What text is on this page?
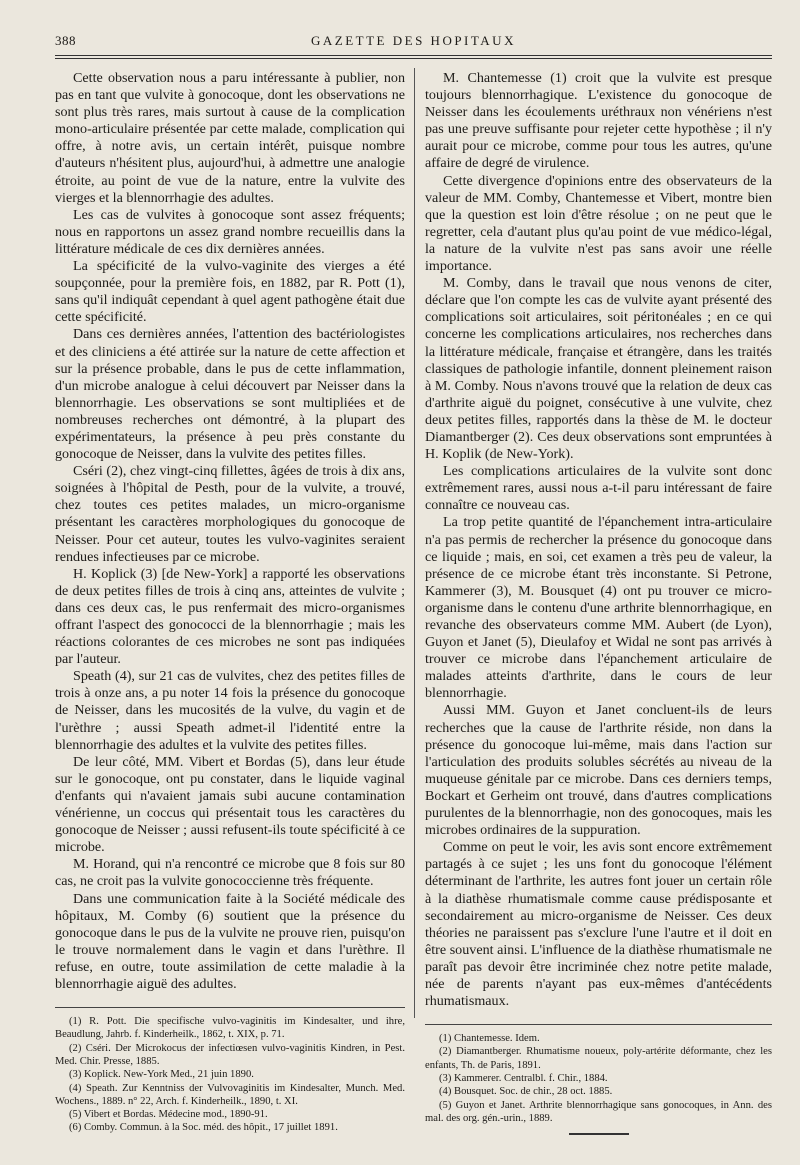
388	GAZETTE DES HOPITAUX

Cette observation nous a paru intéressante à publier, non pas en tant que vulvite à gonocoque, dont les observations ne sont plus très rares, mais surtout à cause de la complication mono-articulaire présentée par cette malade, complication qui offre, à notre avis, un certain intérêt, puisque nombre d'auteurs n'hésitent plus, aujourd'hui, à admettre une analogie étroite, au point de vue de la nature, entre la vulvite des vierges et la blennorrhagie des adultes.

Les cas de vulvites à gonocoque sont assez fréquents; nous en rapportons un assez grand nombre recueillis dans la littérature médicale de ces dix dernières années.

La spécificité de la vulvo-vaginite des vierges a été soupçonnée, pour la première fois, en 1882, par R. Pott (1), sans qu'il indiquât cependant à quel agent pathogène était due cette spécificité.

Dans ces dernières années, l'attention des bactériologistes et des cliniciens a été attirée sur la nature de cette affection et sur la présence probable, dans le pus de cette inflammation, d'un microbe analogue à celui découvert par Neisser dans la blennorrhagie. Les observations se sont multipliées et de nombreuses recherches ont démontré, à la plupart des expérimentateurs, la présence à peu près constante du gonocoque de Neisser, dans la vulvite des petites filles.

Cséri (2), chez vingt-cinq fillettes, âgées de trois à dix ans, soignées à l'hôpital de Pesth, pour de la vulvite, a trouvé, chez toutes ces petites malades, un micro-organisme présentant les caractères morphologiques du gonocoque de Neisser. Pour cet auteur, toutes les vulvo-vaginites seraient rendues infectieuses par ce microbe.

H. Koplick (3) [de New-York] a rapporté les observations de deux petites filles de trois à cinq ans, atteintes de vulvite ; dans ces deux cas, le pus renfermait des micro-organismes offrant l'aspect des gonococci de la blennorrhagie ; mais les réactions colorantes de ces microbes ne sont pas indiquées par l'auteur.

Speath (4), sur 21 cas de vulvites, chez des petites filles de trois à onze ans, a pu noter 14 fois la présence du gonocoque de Neisser, dans les mucosités de la vulve, du vagin et de l'urèthre ; aussi Speath admet-il l'identité entre la blennorrhagie des adultes et la vulvite des petites filles.

De leur côté, MM. Vibert et Bordas (5), dans leur étude sur le gonocoque, ont pu constater, dans le liquide vaginal d'enfants qui n'avaient jamais subi aucune contamination vénérienne, un coccus qui présentait tous les caractères du gonocoque de Neisser ; aussi refusent-ils toute spécificité à ce microbe.

M. Horand, qui n'a rencontré ce microbe que 8 fois sur 80 cas, ne croit pas la vulvite gonococcienne très fréquente.

Dans une communication faite à la Société médicale des hôpitaux, M. Comby (6) soutient que la présence du gonocoque dans le pus de la vulvite ne prouve rien, puisqu'on le trouve normalement dans le vagin et dans l'urèthre. Il refuse, en outre, toute assimilation de cette maladie à la blennorrhagie aiguë des adultes.

(1) R. Pott. Die specifische vulvo-vaginitis im Kindesalter, und ihre, Beaudlung, Jahrb. f. Kinderheilk., 1862, t. XIX, p. 71.

(2) Cséri. Der Microkocus der infectiœsen vulvo-vaginitis Kindren, in Pest. Med. Chir. Presse, 1885.

(3) Koplick. New-York Med., 21 juin 1890.

(4) Speath. Zur Kenntniss der Vulvovaginitis im Kindesalter, Munch. Med. Wochens., 1889. n° 22, Arch. f. Kinderheilk., 1890, t. XI.

(5) Vibert et Bordas. Médecine mod., 1890-91.

(6) Comby. Commun. à la Soc. méd. des hôpit., 17 juillet 1891.

M. Chantemesse (1) croit que la vulvite est presque toujours blennorrhagique. L'existence du gonocoque de Neisser dans les écoulements uréthraux non vénériens n'est pas une preuve suffisante pour rejeter cette hypothèse ; il n'y aurait pour ce microbe, comme pour tous les autres, qu'une affaire de degré de virulence.

Cette divergence d'opinions entre des observateurs de la valeur de MM. Comby, Chantemesse et Vibert, montre bien que la question est loin d'être résolue ; on ne peut que le regretter, cela d'autant plus qu'au point de vue médico-légal, la nature de la vulvite n'est pas sans avoir une réelle importance.

M. Comby, dans le travail que nous venons de citer, déclare que l'on compte les cas de vulvite ayant présenté des complications soit articulaires, soit péritonéales ; en ce qui concerne les complications articulaires, nos recherches dans la littérature médicale, française et étrangère, dans les traités classiques de pathologie infantile, donnent pleinement raison à M. Comby. Nous n'avons trouvé que la relation de deux cas d'arthrite aiguë du poignet, consécutive à une vulvite, chez deux petites filles, rapportés dans la thèse de M. le docteur Diamantberger (2). Ces deux observations sont empruntées à H. Koplik (de New-York).

Les complications articulaires de la vulvite sont donc extrêmement rares, aussi nous a-t-il paru intéressant de faire connaître ce nouveau cas.

La trop petite quantité de l'épanchement intra-articulaire n'a pas permis de rechercher la présence du gonocoque dans ce liquide ; mais, en soi, cet examen a très peu de valeur, la présence de ce microbe étant très inconstante. Si Petrone, Kammerer (3), M. Bousquet (4) ont pu trouver ce micro-organisme dans le contenu d'une arthrite blennorrhagique, en revanche des observateurs comme MM. Aubert (de Lyon), Guyon et Janet (5), Dieulafoy et Widal ne sont pas arrivés à trouver ce microbe dans l'épanchement articulaire de malades atteints d'arthrite, dans le cours de leur blennorrhagie.

Aussi MM. Guyon et Janet concluent-ils de leurs recherches que la cause de l'arthrite réside, non dans la présence du gonocoque lui-même, mais dans l'action sur l'articulation des produits solubles sécrétés au niveau de la muqueuse génitale par ce microbe. Dans ces derniers temps, Bockart et Gerheim ont trouvé, dans d'autres complications purulentes de la blennorrhagie, non des gonocoques, mais les microbes ordinaires de la suppuration.

Comme on peut le voir, les avis sont encore extrêmement partagés à ce sujet ; les uns font du gonocoque l'élément déterminant de l'arthrite, les autres font jouer un certain rôle à la diathèse rhumatismale comme cause prédisposante et secondairement au micro-organisme de Neisser. Ces deux théories ne paraissent pas s'exclure l'une l'autre et il doit en être souvent ainsi. L'influence de la diathèse rhumatismale ne paraît pas devoir être incriminée chez notre petite malade, née de parents n'ayant pas eux-mêmes d'antécédents rhumatismaux.

(1) Chantemesse. Idem.

(2) Diamantberger. Rhumatisme noueux, poly-artérite déformante, chez les enfants, Th. de Paris, 1891.

(3) Kammerer. Centralbl. f. Chir., 1884.

(4) Bousquet. Soc. de chir., 28 oct. 1885.

(5) Guyon et Janet. Arthrite blennorrhagique sans gonocoques, in Ann. des mal. des org. gén.-urin., 1889.
